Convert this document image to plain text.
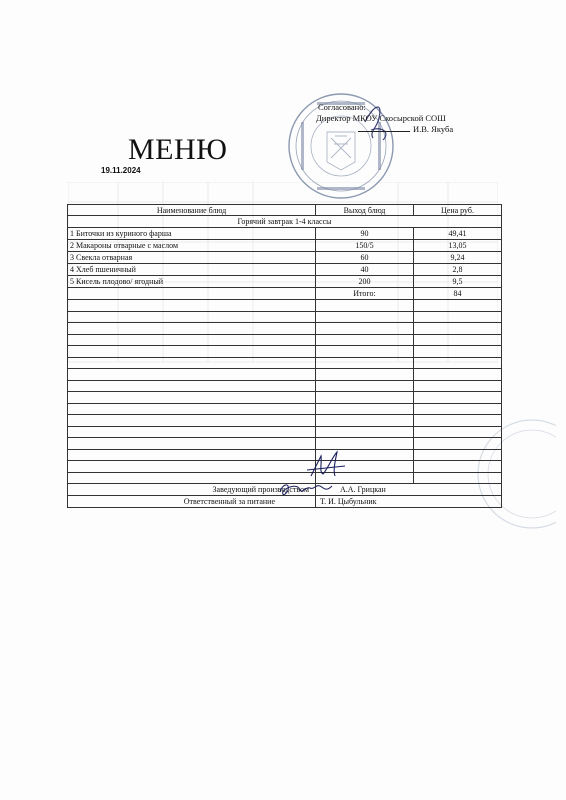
Согласовано:
Директор МКОУ Скосырской СОШ
И.В. Якуба
МЕНЮ
19.11.2024
Наименование блюд	Выход блюд	Цена руб.
Горячий завтрак 1-4 классы		
1 Биточки из куриного фарша	90	49,41
2 Макароны отварные с маслом	150/5	13,05
3 Свекла отварная	60	9,24
4 Хлеб пшеничный	40	2,8
5 Кисель плодово/ ягодный	200	9,5
	Итого:	84

Заведующий производством	А.А. Грицкан	
Ответственный за питание	Т. И. Цыбульник	
